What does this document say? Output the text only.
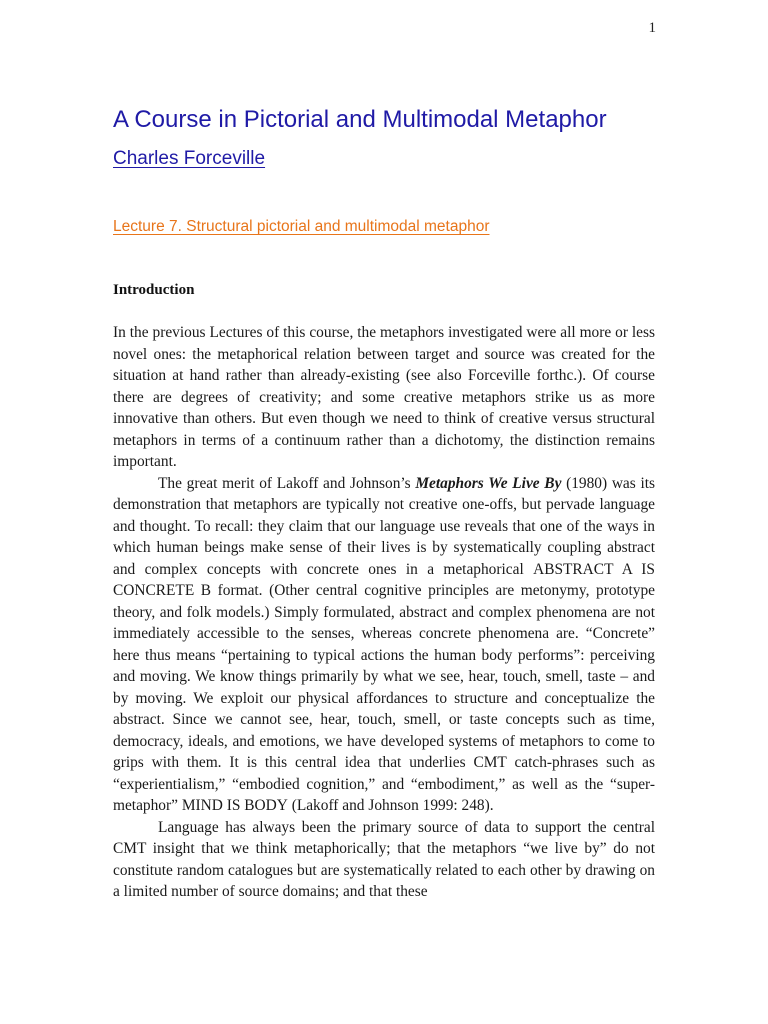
1
A Course in Pictorial and Multimodal Metaphor
Charles Forceville
Lecture 7. Structural pictorial and multimodal metaphor
Introduction

In the previous Lectures of this course, the metaphors investigated were all more or less novel ones: the metaphorical relation between target and source was created for the situation at hand rather than already-existing (see also Forceville forthc.). Of course there are degrees of creativity; and some creative metaphors strike us as more innovative than others. But even though we need to think of creative versus structural metaphors in terms of a continuum rather than a dichotomy, the distinction remains important.

The great merit of Lakoff and Johnson’s Metaphors We Live By (1980) was its demonstration that metaphors are typically not creative one-offs, but pervade language and thought. To recall: they claim that our language use reveals that one of the ways in which human beings make sense of their lives is by systematically coupling abstract and complex concepts with concrete ones in a metaphorical ABSTRACT A IS CONCRETE B format. (Other central cognitive principles are metonymy, prototype theory, and folk models.) Simply formulated, abstract and complex phenomena are not immediately accessible to the senses, whereas concrete phenomena are. “Concrete” here thus means “pertaining to typical actions the human body performs”: perceiving and moving. We know things primarily by what we see, hear, touch, smell, taste – and by moving. We exploit our physical affordances to structure and conceptualize the abstract. Since we cannot see, hear, touch, smell, or taste concepts such as time, democracy, ideals, and emotions, we have developed systems of metaphors to come to grips with them. It is this central idea that underlies CMT catch-phrases such as “experientialism,” “embodied cognition,” and “embodiment,” as well as the “super-metaphor” MIND IS BODY (Lakoff and Johnson 1999: 248).

Language has always been the primary source of data to support the central CMT insight that we think metaphorically; that the metaphors “we live by” do not constitute random catalogues but are systematically related to each other by drawing on a limited number of source domains; and that these
